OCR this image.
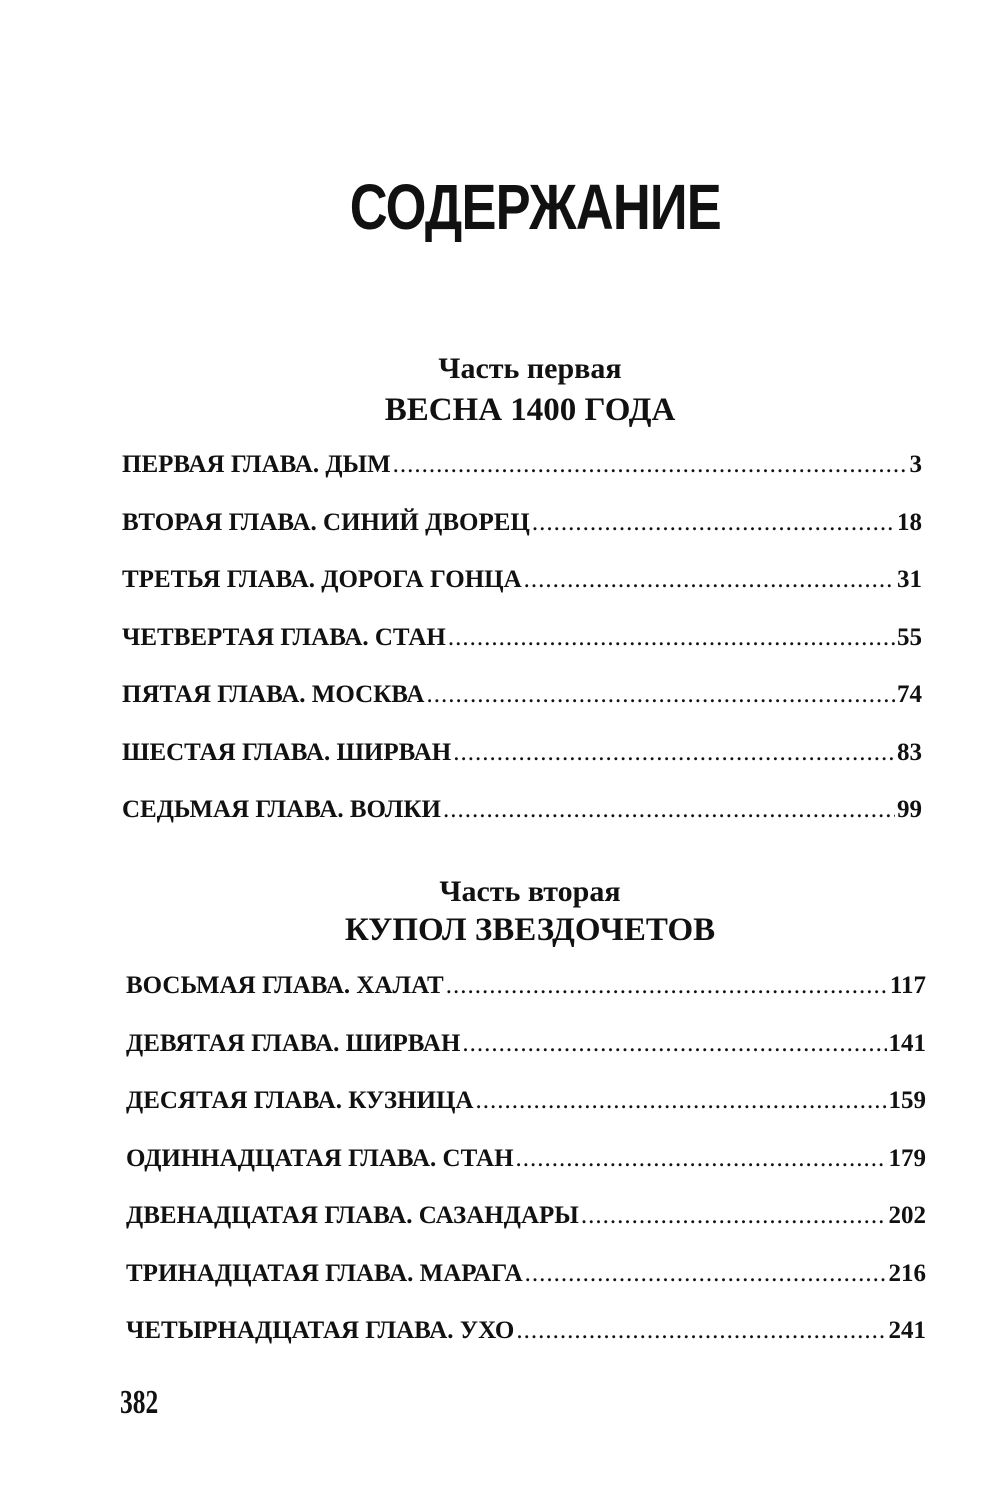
СОДЕРЖАНИЕ
Часть первая
ВЕСНА 1400 ГОДА
ПЕРВАЯ ГЛАВА. ДЫМ .....	3
ВТОРАЯ ГЛАВА. СИНИЙ ДВОРЕЦ .....	18
ТРЕТЬЯ ГЛАВА. ДОРОГА ГОНЦА .....	31
ЧЕТВЕРТАЯ ГЛАВА. СТАН .....	55
ПЯТАЯ ГЛАВА. МОСКВА .....	74
ШЕСТАЯ ГЛАВА. ШИРВАН .....	83
СЕДЬМАЯ ГЛАВА. ВОЛКИ .....	99
Часть вторая
КУПОЛ ЗВЕЗДОЧЕТОВ
ВОСЬМАЯ ГЛАВА. ХАЛАТ .....	117
ДЕВЯТАЯ ГЛАВА. ШИРВАН .....	141
ДЕСЯТАЯ ГЛАВА. КУЗНИЦА .....	159
ОДИННАДЦАТАЯ ГЛАВА. СТАН .....	179
ДВЕНАДЦАТАЯ ГЛАВА. САЗАНДАРЫ .....	202
ТРИНАДЦАТАЯ ГЛАВА. МАРАГА .....	216
ЧЕТЫРНАДЦАТАЯ ГЛАВА. УХО .....	241
382
